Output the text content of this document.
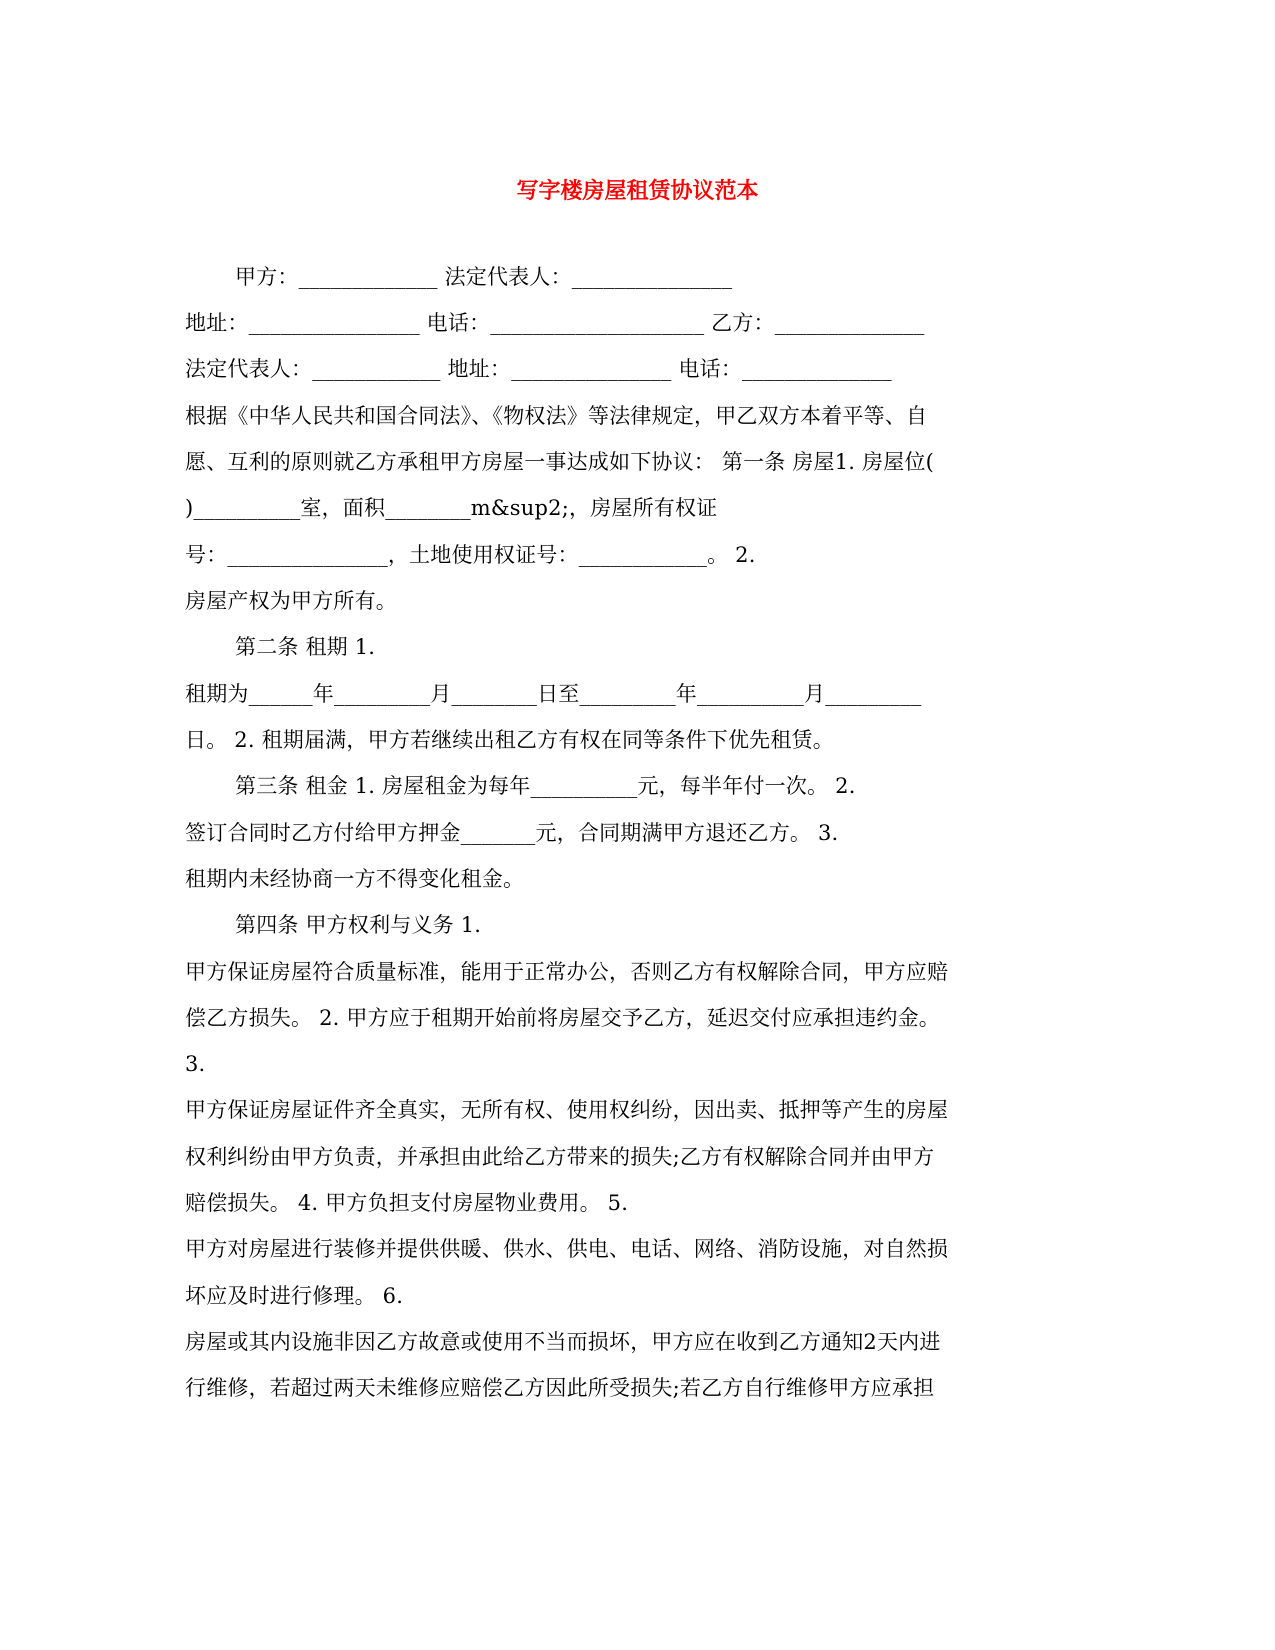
写字楼房屋租赁协议范本
甲方：_____________ 法定代表人：_______________
地址：________________ 电话：____________________ 乙方：______________
法定代表人：____________ 地址：_______________ 电话：______________
根据《中华人民共和国合同法》、《物权法》等法律规定，甲乙双方本着平等、自
愿、互利的原则就乙方承租甲方房屋一事达成如下协议： 第一条 房屋1. 房屋位(
)__________室，面积________m&sup2;，房屋所有权证
号：_______________，土地使用权证号：____________。 2.
房屋产权为甲方所有。
第二条 租期 1.
租期为______年_________月________日至_________年__________月_________
日。 2. 租期届满，甲方若继续出租乙方有权在同等条件下优先租赁。
第三条 租金 1. 房屋租金为每年__________元，每半年付一次。 2.
签订合同时乙方付给甲方押金_______元，合同期满甲方退还乙方。 3.
租期内未经协商一方不得变化租金。
第四条 甲方权利与义务 1.
甲方保证房屋符合质量标准，能用于正常办公，否则乙方有权解除合同，甲方应赔
偿乙方损失。 2. 甲方应于租期开始前将房屋交予乙方，延迟交付应承担违约金。
3.
甲方保证房屋证件齐全真实，无所有权、使用权纠纷，因出卖、抵押等产生的房屋
权利纠纷由甲方负责，并承担由此给乙方带来的损失;乙方有权解除合同并由甲方
赔偿损失。 4. 甲方负担支付房屋物业费用。 5.
甲方对房屋进行装修并提供供暖、供水、供电、电话、网络、消防设施，对自然损
坏应及时进行修理。 6.
房屋或其内设施非因乙方故意或使用不当而损坏，甲方应在收到乙方通知2天内进
行维修，若超过两天未维修应赔偿乙方因此所受损失;若乙方自行维修甲方应承担
